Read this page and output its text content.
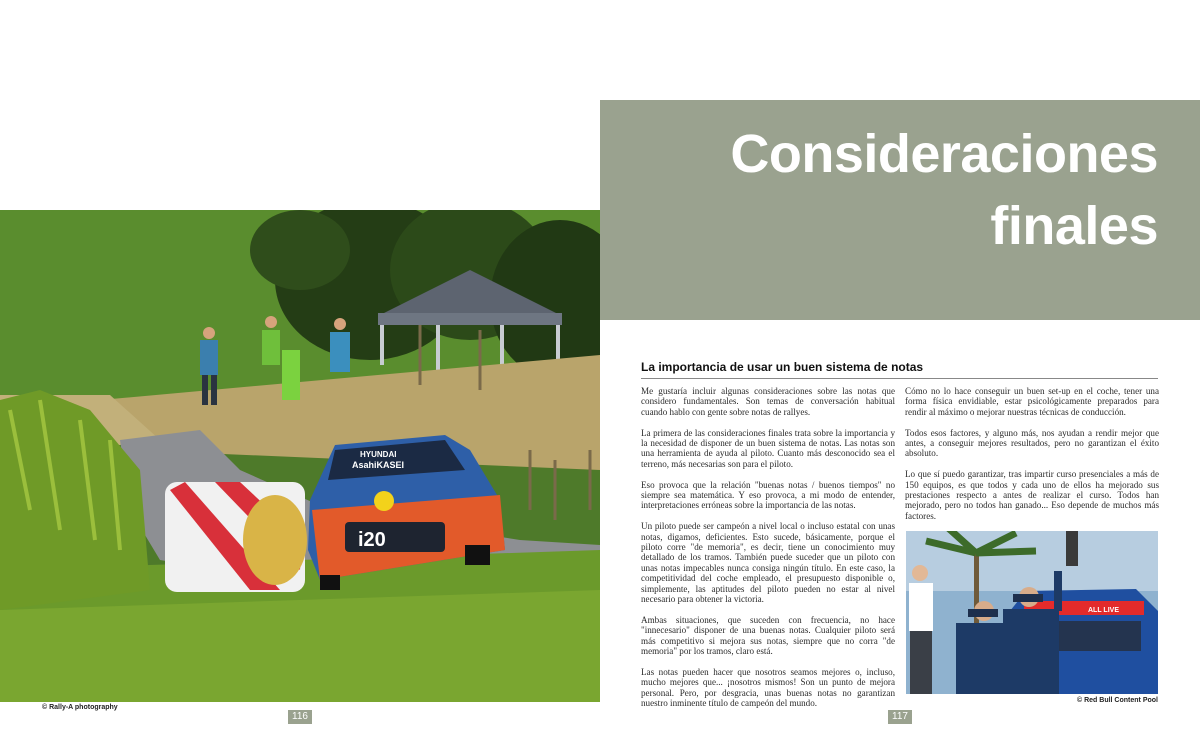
HYUNDAI
AsahiKASEI
i20
© Rally-A photography
116
Consideraciones
finales
La importancia de usar un buen sistema de notas

Me gustaría incluir algunas consideraciones sobre las notas que considero fundamentales. Son temas de conversación habitual cuando hablo con gente sobre notas de rallyes.

La primera de las consideraciones finales trata sobre la importancia y la necesidad de disponer de un buen sistema de notas. Las notas son una herramienta de ayuda al piloto. Cuanto más desconocido sea el terreno, más necesarias son para el piloto.

Eso provoca que la relación "buenas notas / buenos tiempos" no siempre sea matemática. Y eso provoca, a mi modo de entender, interpretaciones erróneas sobre la importancia de las notas.

Un piloto puede ser campeón a nivel local o incluso estatal con unas notas, digamos, deficientes. Esto sucede, básicamente, porque el piloto corre "de memoria", es decir, tiene un conocimiento muy detallado de los tramos. También puede suceder que un piloto con unas notas impecables nunca consiga ningún título. En este caso, la competitividad del coche empleado, el presupuesto disponible o, simplemente, las aptitudes del piloto pueden no estar al nivel necesario para obtener la victoria.

Ambas situaciones, que suceden con frecuencia, no hace "innecesario" disponer de una buenas notas. Cualquier piloto será más competitivo si mejora sus notas, siempre que no corra "de memoria" por los tramos, claro está.

Las notas pueden hacer que nosotros seamos mejores o, incluso, mucho mejores que... ¡nosotros mismos! Son un punto de mejora personal. Pero, por desgracia, unas buenas notas no garantizan nuestro inminente título de campeón del mundo.

Cómo no lo hace conseguir un buen set-up en el coche, tener una forma física envidiable, estar psicológicamente preparados para rendir al máximo o mejorar nuestras técnicas de conducción.

Todos esos factores, y alguno más, nos ayudan a rendir mejor que antes, a conseguir mejores resultados, pero no garantizan el éxito absoluto.

Lo que sí puedo garantizar, tras impartir curso presenciales a más de 150 equipos, es que todos y cada uno de ellos ha mejorado sus prestaciones respecto a antes de realizar el curso. Todos han mejorado, pero no todos han ganado... Eso depende de muchos más factores.

ALL LIVE
© Red Bull Content Pool
117
